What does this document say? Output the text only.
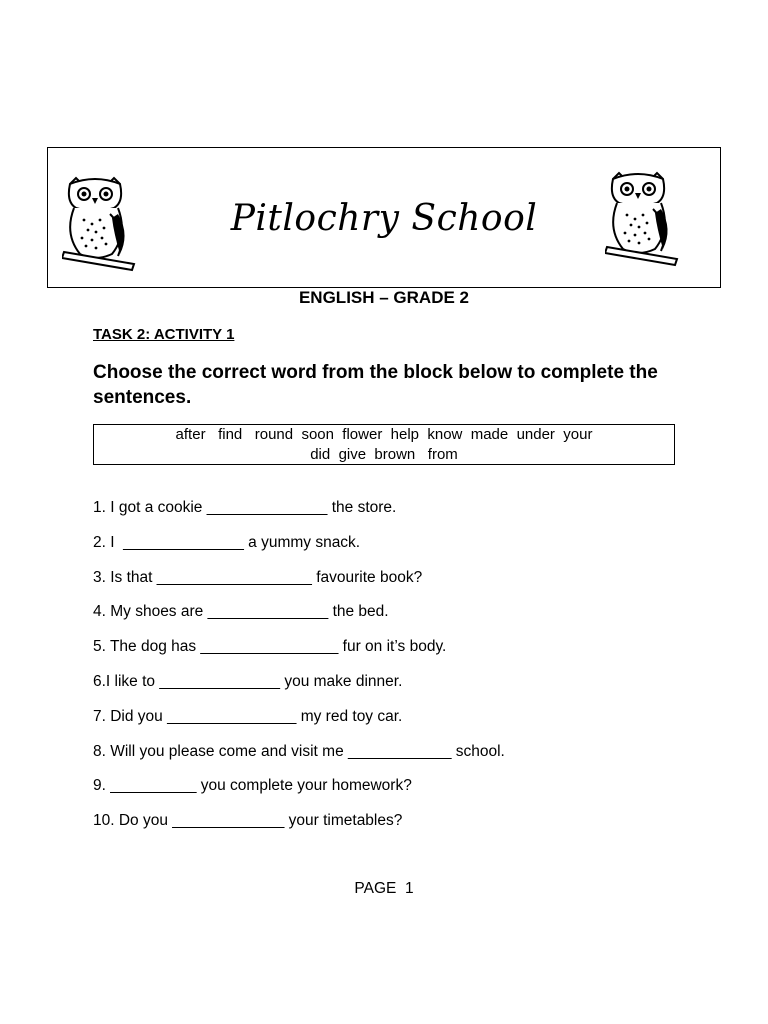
Pitlochry School
ENGLISH – GRADE 2
TASK 2: ACTIVITY 1
Choose the correct word from the block below to complete the sentences.
after   find   round  soon  flower  help  know  made  under  your
did  give  brown   from
1. I got a cookie ______________ the store.
2. I  ______________ a yummy snack.
3. Is that __________________ favourite book?
4. My shoes are ______________ the bed.
5. The dog has ________________ fur on it’s body.
6.I like to ______________ you make dinner.
7. Did you _______________ my red toy car.
8. Will you please come and visit me ____________ school.
9. __________ you complete your homework?
10. Do you _____________ your timetables?
PAGE  1
